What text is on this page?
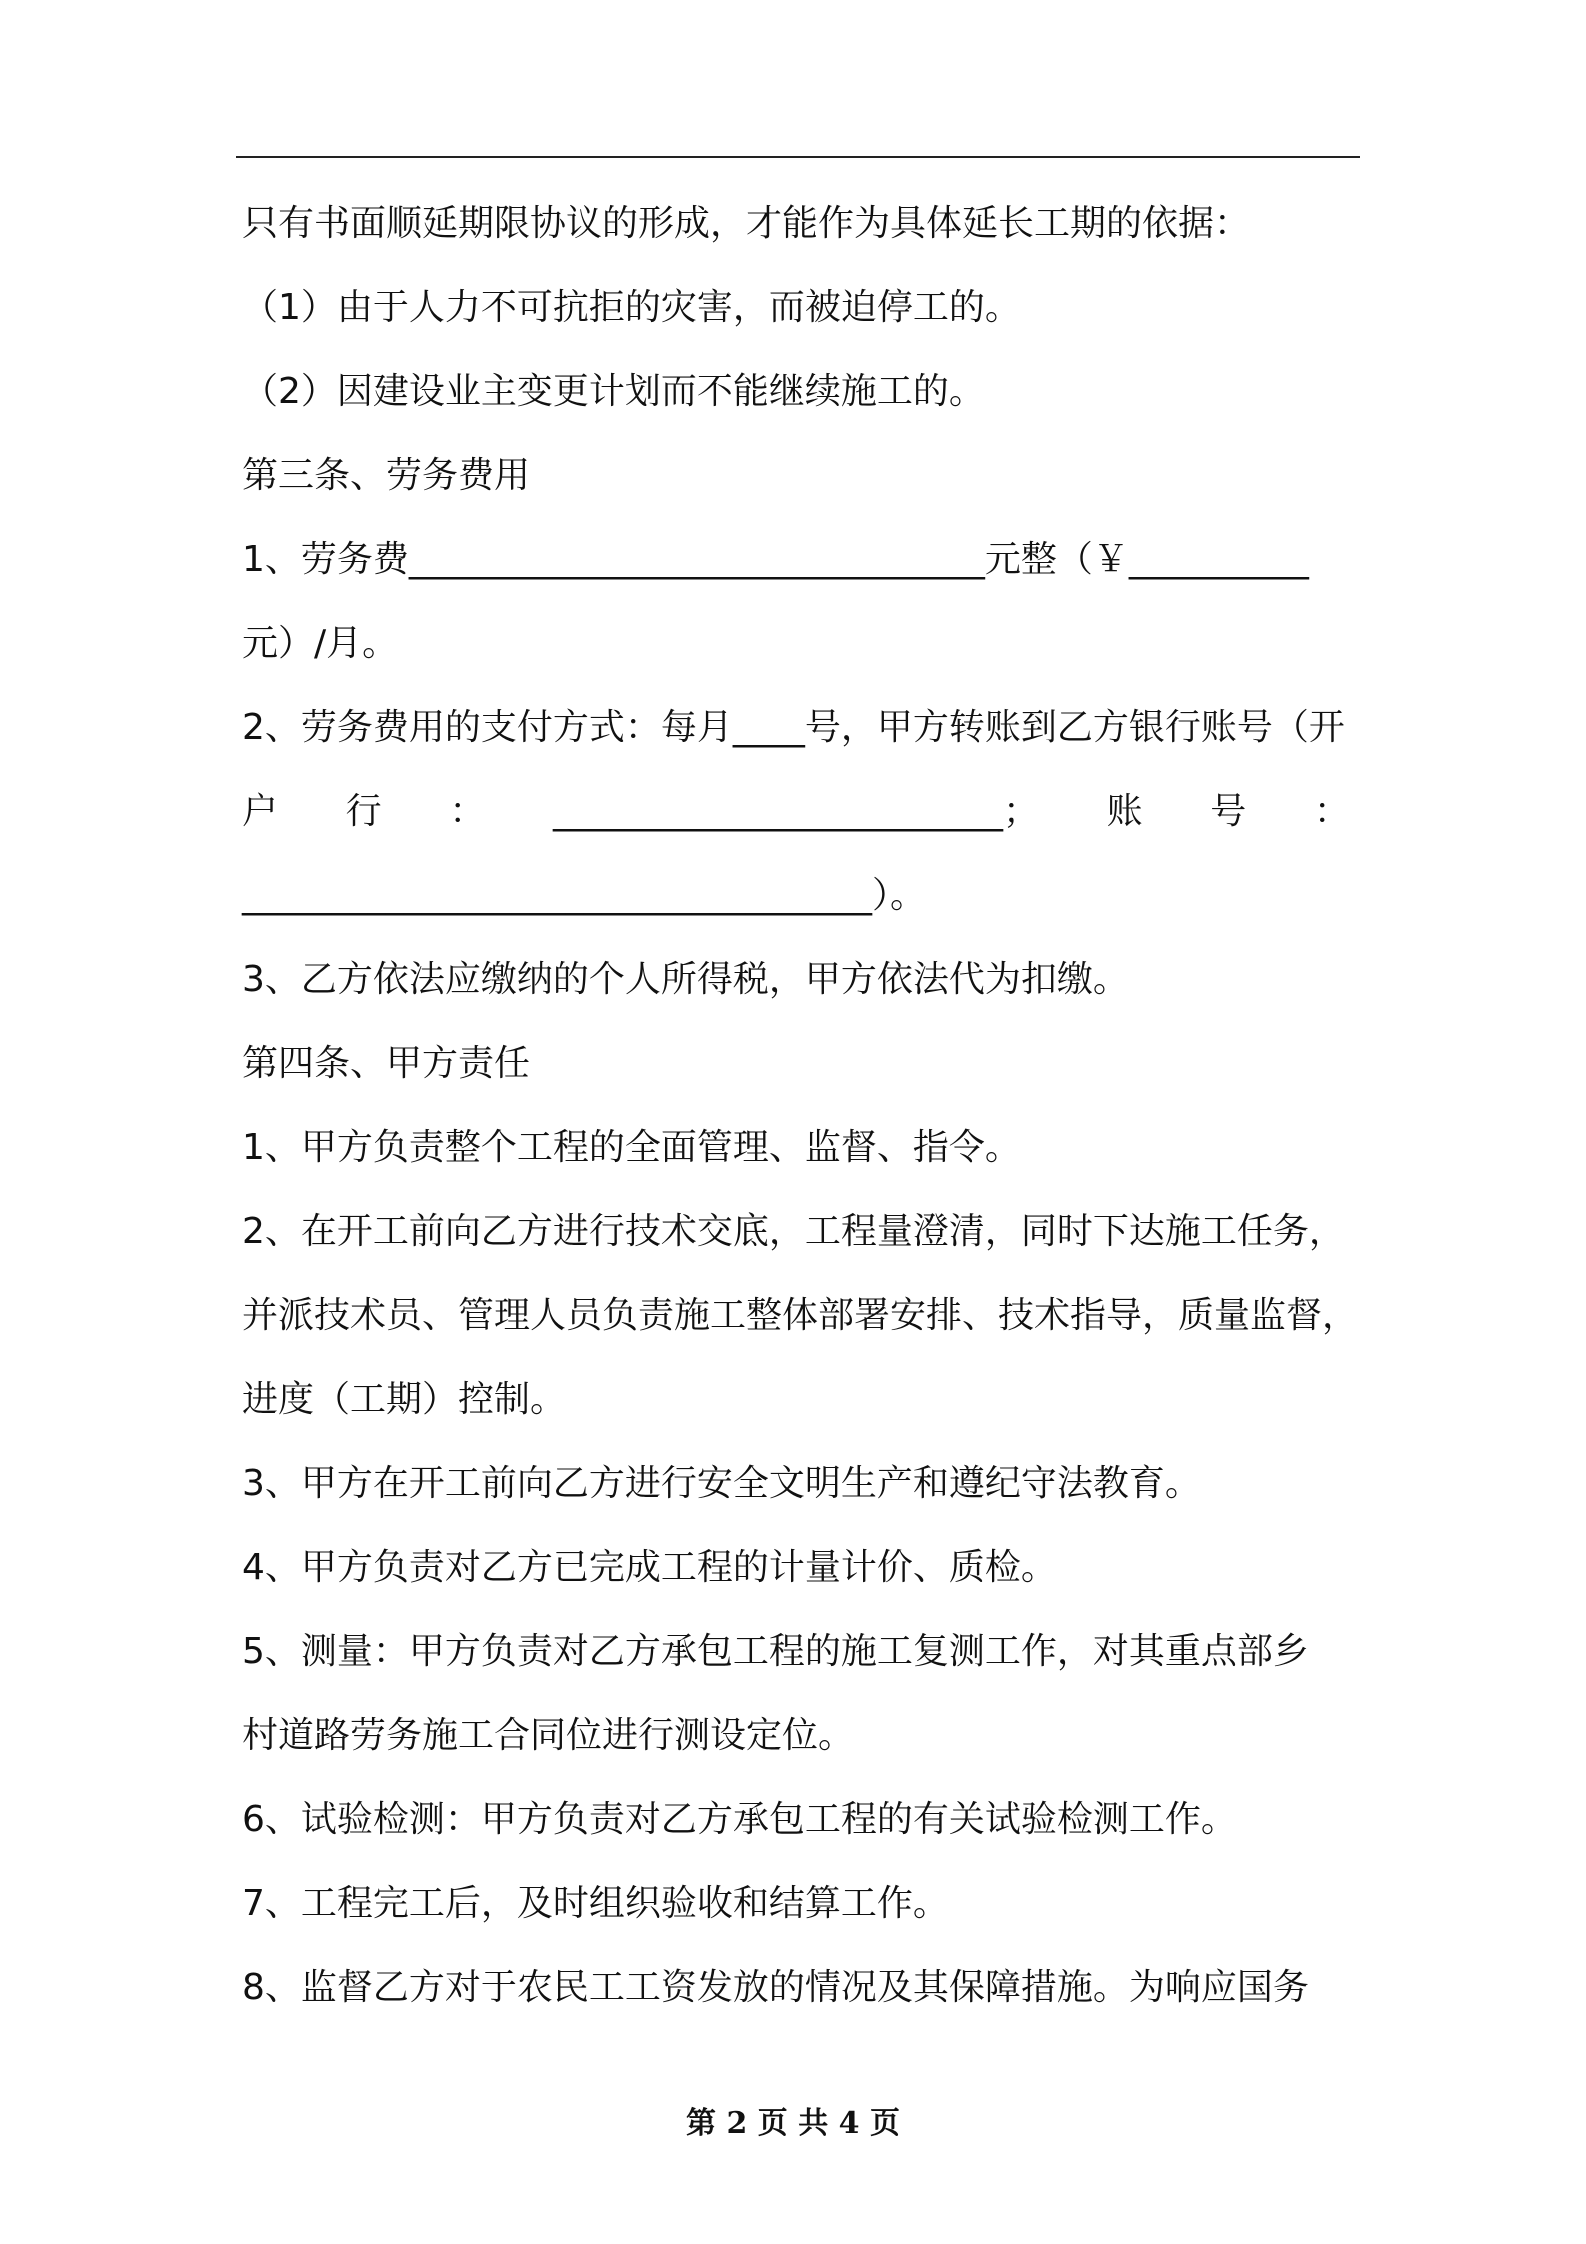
只有书面顺延期限协议的形成，才能作为具体延长工期的依据：
（1）由于人力不可抗拒的灾害，而被迫停工的。
（2）因建设业主变更计划而不能继续施工的。
第三条、劳务费用
1、劳务费________________________________元整（￥__________
元）/月。
2、劳务费用的支付方式：每月____号，甲方转账到乙方银行账号（开
户 行 ： _________________________； 账 号 ：
___________________________________）。
3、乙方依法应缴纳的个人所得税，甲方依法代为扣缴。
第四条、甲方责任
1、甲方负责整个工程的全面管理、监督、指令。
2、在开工前向乙方进行技术交底，工程量澄清，同时下达施工任务，
并派技术员、管理人员负责施工整体部署安排、技术指导，质量监督，
进度（工期）控制。
3、甲方在开工前向乙方进行安全文明生产和遵纪守法教育。
4、甲方负责对乙方已完成工程的计量计价、质检。
5、测量：甲方负责对乙方承包工程的施工复测工作，对其重点部乡
村道路劳务施工合同位进行测设定位。
6、试验检测：甲方负责对乙方承包工程的有关试验检测工作。
7、工程完工后，及时组织验收和结算工作。
8、监督乙方对于农民工工资发放的情况及其保障措施。为响应国务
第 2 页 共 4 页
